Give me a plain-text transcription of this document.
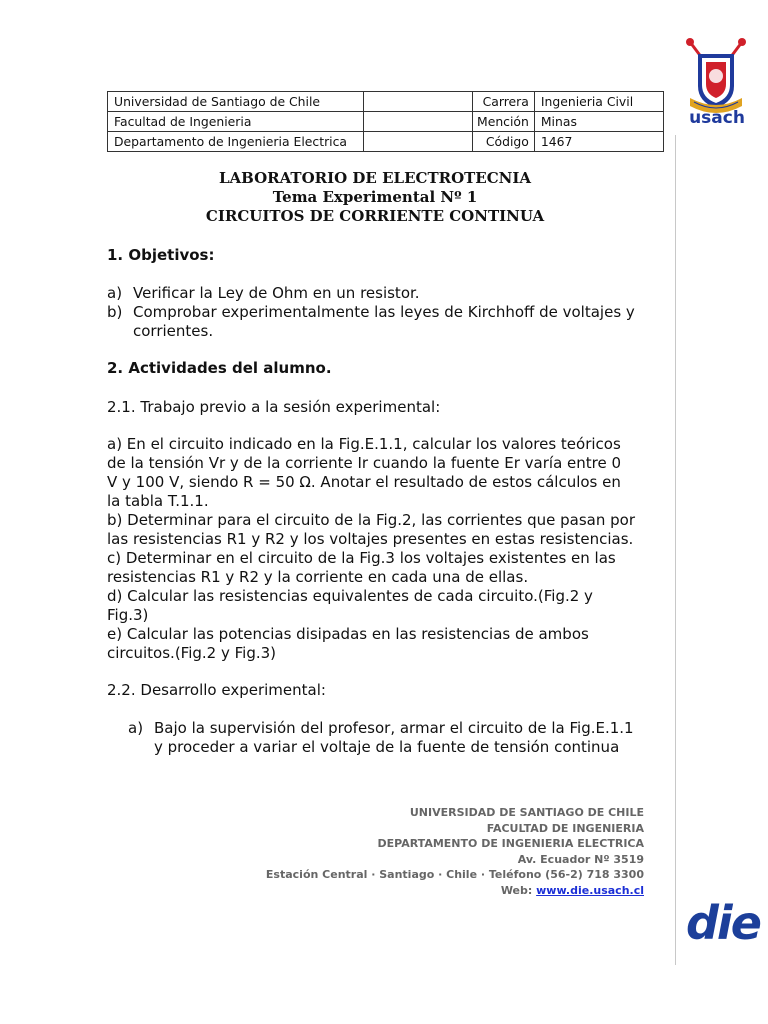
usach
Universidad de Santiago de Chile		Carrera	Ingenieria Civil
Facultad de Ingenieria		Mención	Minas
Departamento de Ingenieria Electrica		Código	1467
LABORATORIO DE ELECTROTECNIA
Tema Experimental Nº 1
CIRCUITOS DE CORRIENTE CONTINUA
1. Objetivos:
a) Verificar la Ley de Ohm en un resistor.
b) Comprobar experimentalmente las leyes de Kirchhoff de voltajes y
corrientes.
2. Actividades del alumno.
2.1. Trabajo previo a la sesión experimental:
a) En el circuito indicado en la Fig.E.1.1, calcular los valores teóricos
de la tensión Vr y de la corriente Ir cuando la fuente Er varía entre 0
V y 100 V, siendo R = 50 Ω. Anotar el resultado de estos cálculos en
la tabla T.1.1.
b) Determinar para el circuito de la Fig.2, las corrientes que pasan por
las resistencias R1 y R2 y los voltajes presentes en estas resistencias.
c) Determinar en el circuito de la Fig.3 los voltajes existentes en las
resistencias R1 y R2 y la corriente en cada una de ellas.
d) Calcular las resistencias equivalentes de cada circuito.(Fig.2 y
Fig.3)
e) Calcular las potencias disipadas en las resistencias de ambos
circuitos.(Fig.2 y Fig.3)
2.2. Desarrollo experimental:
a) Bajo la supervisión del profesor, armar el circuito de la Fig.E.1.1
y proceder a variar el voltaje de la fuente de tensión continua
UNIVERSIDAD DE SANTIAGO DE CHILE
FACULTAD DE INGENIERIA
DEPARTAMENTO DE INGENIERIA ELECTRICA
Av. Ecuador Nº 3519
Estación Central · Santiago · Chile · Teléfono (56-2) 718 3300
Web: www.die.usach.cl
die
